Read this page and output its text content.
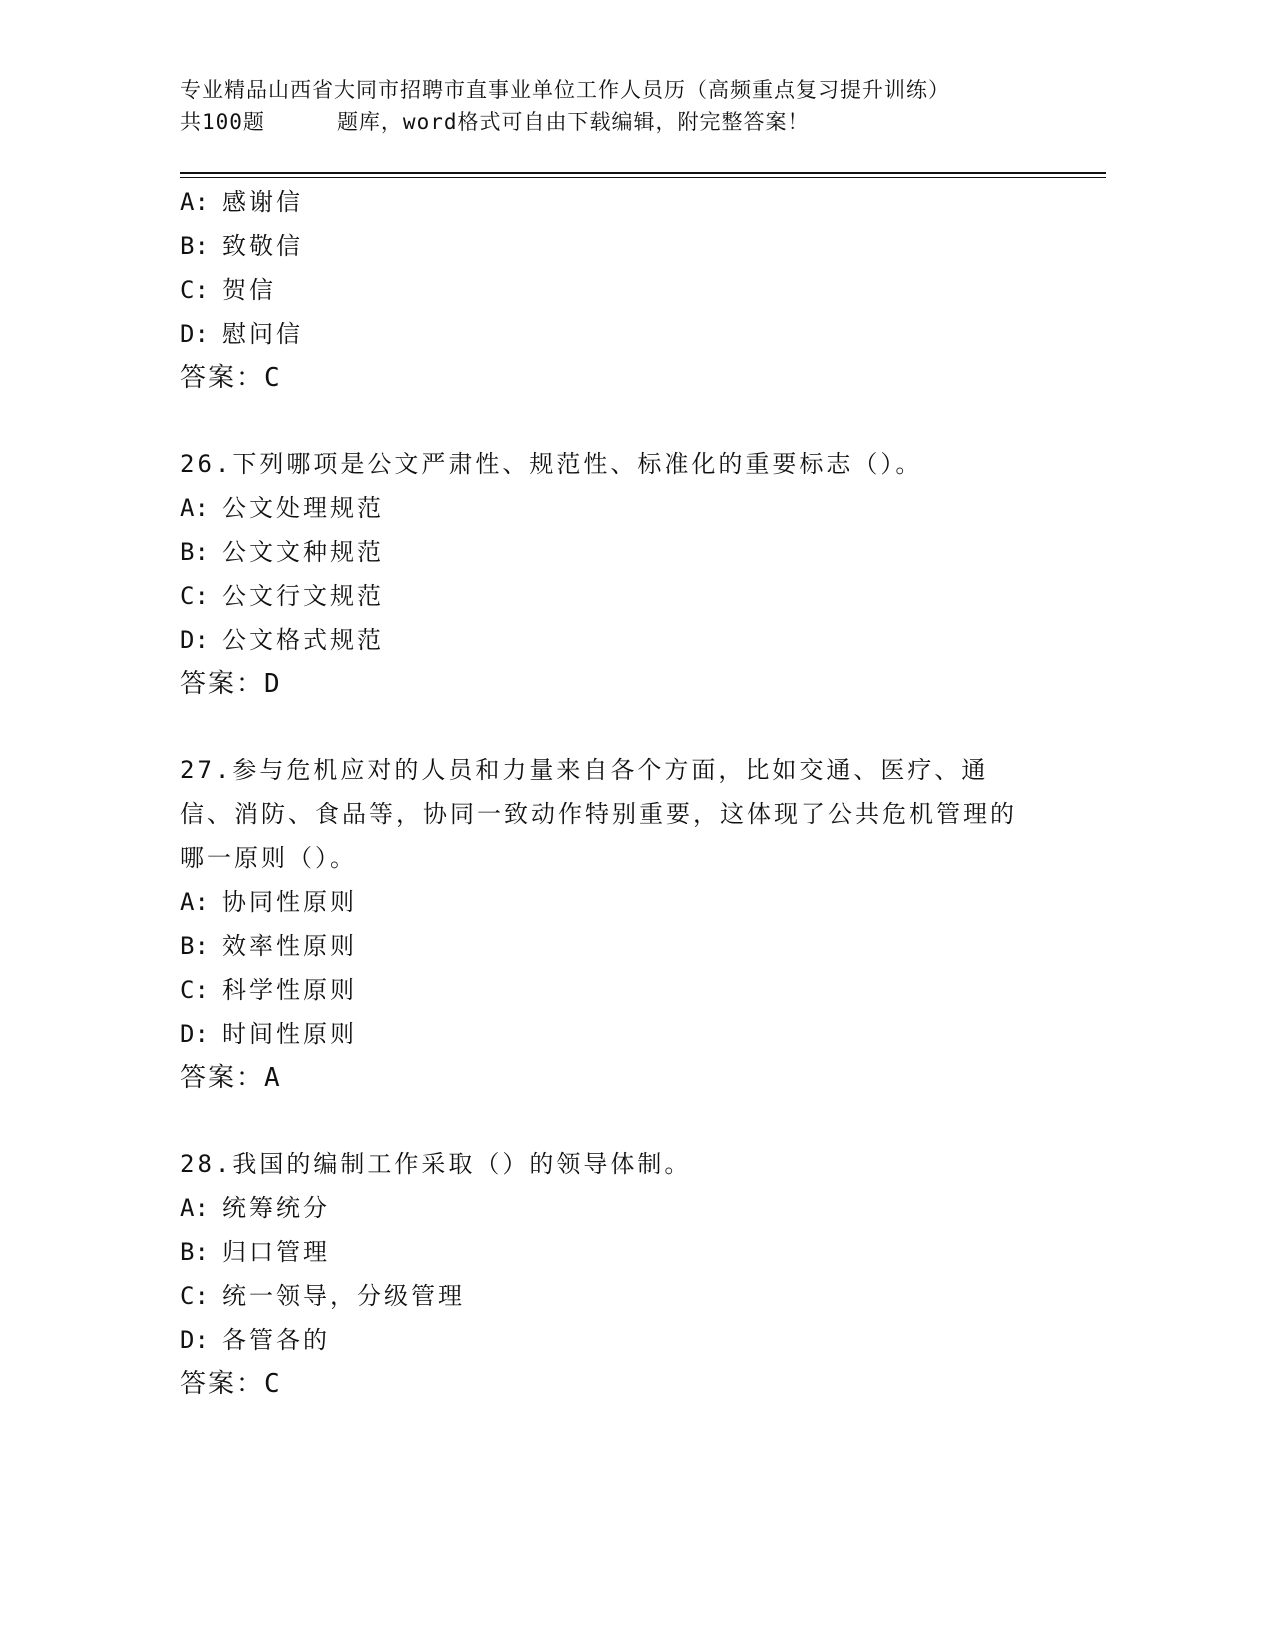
专业精品山西省大同市招聘市直事业单位工作人员历（高频重点复习提升训练）
共100题	题库，word格式可自由下载编辑，附完整答案！
A: 感谢信
B: 致敬信
C: 贺信
D: 慰问信
答案：C
26.下列哪项是公文严肃性、规范性、标准化的重要标志（）。
A: 公文处理规范
B: 公文文种规范
C: 公文行文规范
D: 公文格式规范
答案：D
27.参与危机应对的人员和力量来自各个方面，比如交通、医疗、通信、消防、食品等，协同一致动作特别重要，这体现了公共危机管理的哪一原则（）。
A: 协同性原则
B: 效率性原则
C: 科学性原则
D: 时间性原则
答案：A
28.我国的编制工作采取（）的领导体制。
A: 统筹统分
B: 归口管理
C: 统一领导，分级管理
D: 各管各的
答案：C
